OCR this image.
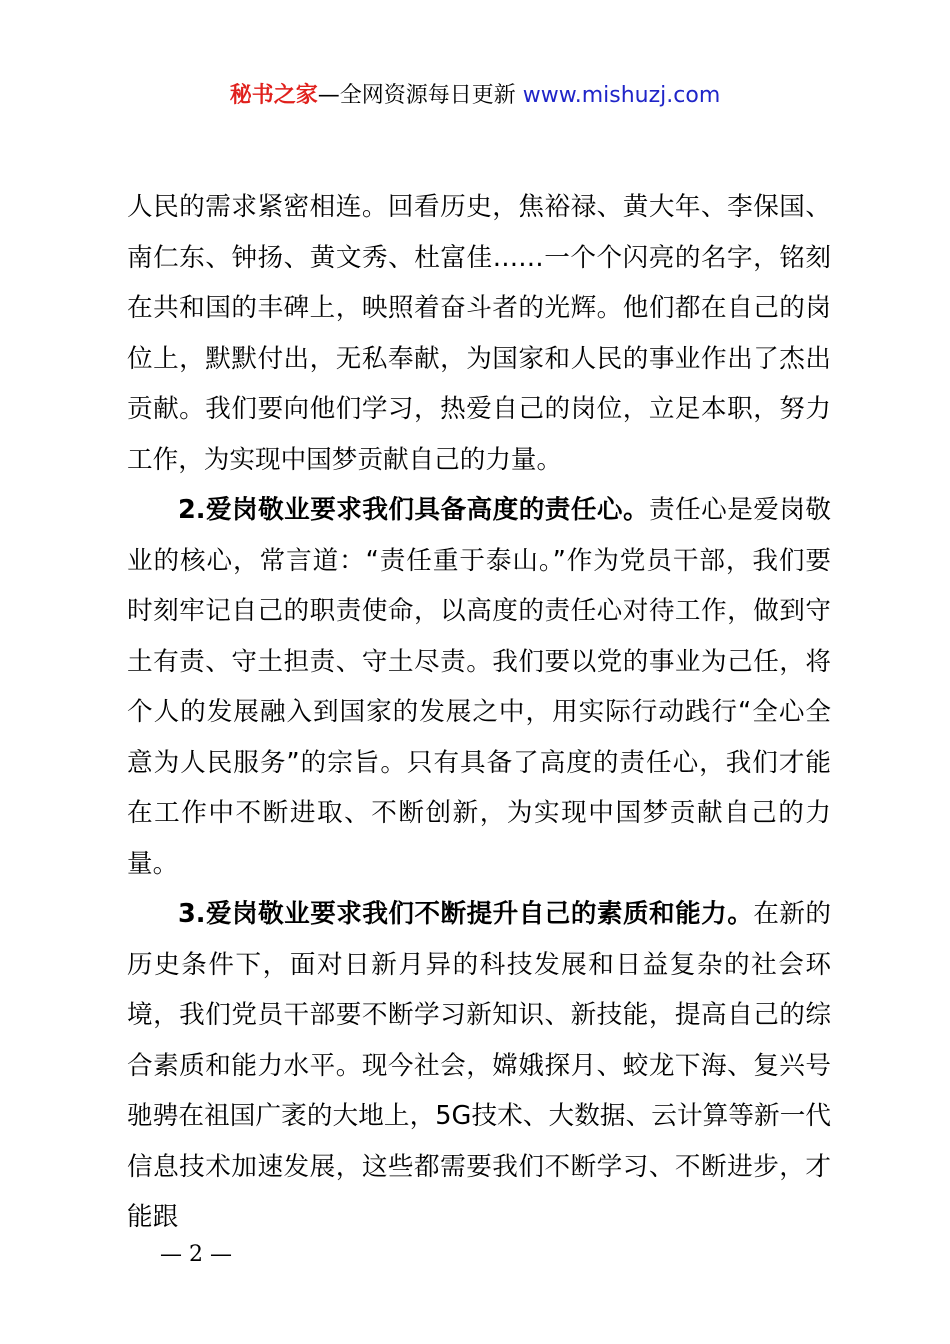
秘书之家—全网资源每日更新 www.mishuzj.com

人民的需求紧密相连。回看历史，焦裕禄、黄大年、李保国、南仁东、钟扬、黄文秀、杜富佳……一个个闪亮的名字，铭刻在共和国的丰碑上，映照着奋斗者的光辉。他们都在自己的岗位上，默默付出，无私奉献，为国家和人民的事业作出了杰出贡献。我们要向他们学习，热爱自己的岗位，立足本职，努力工作，为实现中国梦贡献自己的力量。

2.爱岗敬业要求我们具备高度的责任心。责任心是爱岗敬业的核心，常言道：“责任重于泰山。”作为党员干部，我们要时刻牢记自己的职责使命，以高度的责任心对待工作，做到守土有责、守土担责、守土尽责。我们要以党的事业为己任，将个人的发展融入到国家的发展之中，用实际行动践行“全心全意为人民服务”的宗旨。只有具备了高度的责任心，我们才能在工作中不断进取、不断创新，为实现中国梦贡献自己的力量。

3.爱岗敬业要求我们不断提升自己的素质和能力。在新的历史条件下，面对日新月异的科技发展和日益复杂的社会环境，我们党员干部要不断学习新知识、新技能，提高自己的综合素质和能力水平。现今社会，嫦娥探月、蛟龙下海、复兴号驰骋在祖国广袤的大地上，5G技术、大数据、云计算等新一代信息技术加速发展，这些都需要我们不断学习、不断进步，才能跟

— 2 —
